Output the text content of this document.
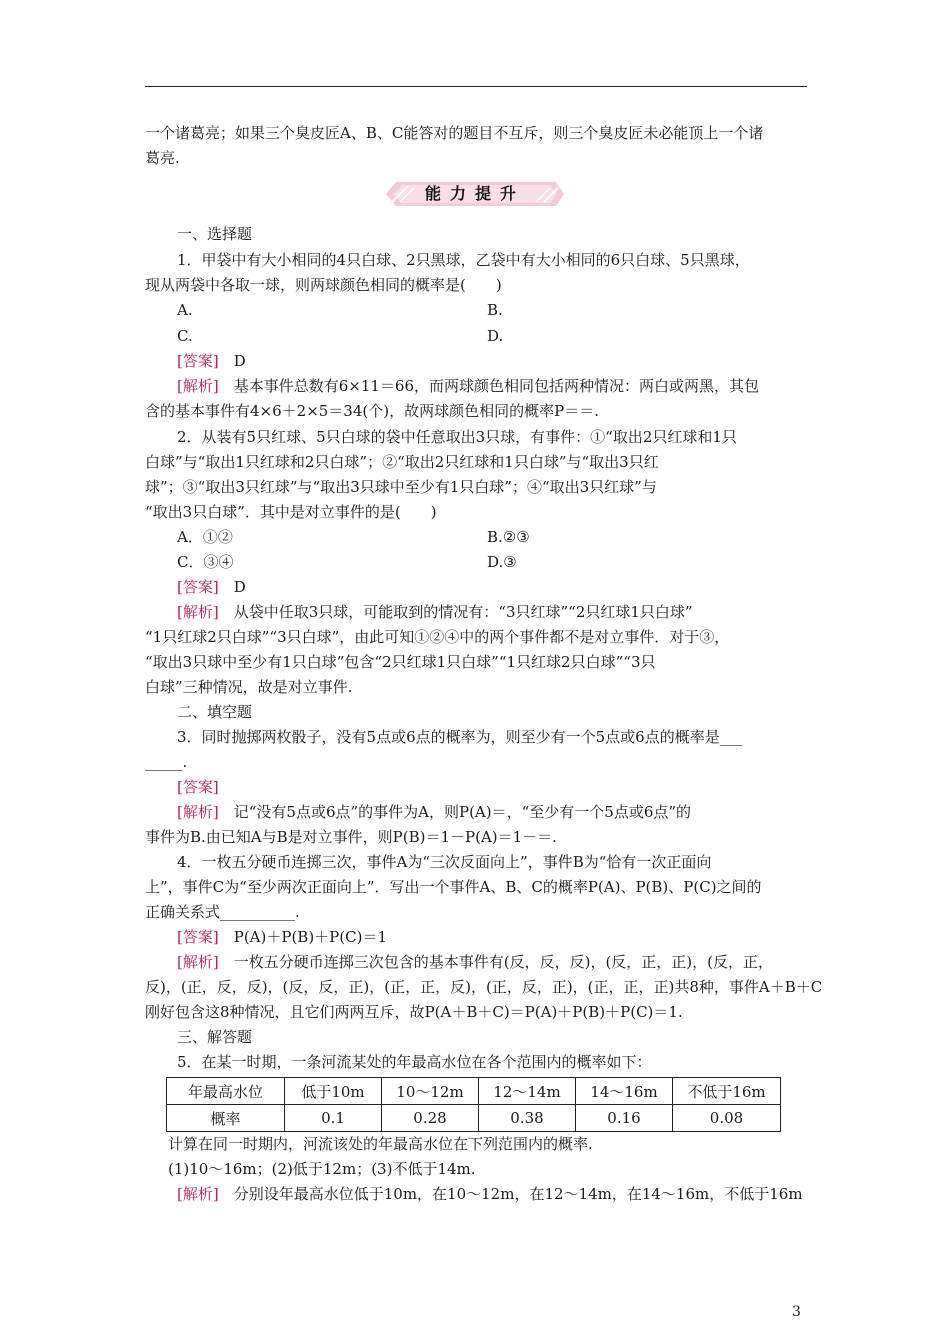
一个诸葛亮；如果三个臭皮匠A、B、C能答对的题目不互斥，则三个臭皮匠未必能顶上一个诸
葛亮.
能力提升
一、选择题
1．甲袋中有大小相同的4只白球、2只黑球，乙袋中有大小相同的6只白球、5只黑球，
现从两袋中各取一球，则两球颜色相同的概率是(　　)
A.	B.
C.	D.
[答案]　 D
[解析]　 基本事件总数有6×11＝66，而两球颜色相同包括两种情况：两白或两黑，其包
含的基本事件有4×6＋2×5＝34(个)，故两球颜色相同的概率P＝＝.
2．从装有5只红球、5只白球的袋中任意取出3只球，有事件：①“取出2只红球和1只
白球”与“取出1只红球和2只白球”；②“取出2只红球和1只白球”与“取出3只红
球”；③“取出3只红球”与“取出3只球中至少有1只白球”；④“取出3只红球”与
“取出3只白球”．其中是对立事件的是(　　)
A．①②	B.②③
C．③④	D.③
[答案]　 D
[解析]　 从袋中任取3只球，可能取到的情况有：“3只红球”“2只红球1只白球”
“1只红球2只白球”“3只白球”，由此可知①②④中的两个事件都不是对立事件．对于③，
“取出3只球中至少有1只白球”包含“2只红球1只白球”“1只红球2只白球”“3只
白球”三种情况，故是对立事件.
二、填空题
3．同时抛掷两枚骰子，没有5点或6点的概率为，则至少有一个5点或6点的概率是___
_____.
[答案]
[解析]　 记“没有5点或6点”的事件为A，则P(A)＝，“至少有一个5点或6点”的
事件为B.由已知A与B是对立事件，则P(B)＝1－P(A)＝1－＝.
4．一枚五分硬币连掷三次，事件A为“三次反面向上”，事件B为“恰有一次正面向
上”，事件C为“至少两次正面向上”．写出一个事件A、B、C的概率P(A)、P(B)、P(C)之间的
正确关系式__________.
[答案]　 P(A)＋P(B)＋P(C)＝1
[解析]　 一枚五分硬币连掷三次包含的基本事件有(反，反，反)，(反，正，正)，(反，正，
反)，(正，反，反)，(反，反，正)，(正，正，反)，(正，反，正)，(正，正，正)共8种，事件A＋B＋C
刚好包含这8种情况，且它们两两互斥，故P(A＋B＋C)＝P(A)＋P(B)＋P(C)＝1.
三、解答题
5．在某一时期，一条河流某处的年最高水位在各个范围内的概率如下：
年最高水位	低于10m	10～12m	12～14m	14～16m	不低于16m
概率	0.1	0.28	0.38	0.16	0.08
计算在同一时期内，河流该处的年最高水位在下列范围内的概率.
(1)10～16m；(2)低于12m；(3)不低于14m.
[解析]　 分别设年最高水位低于10m，在10～12m，在12～14m，在14～16m，不低于16m
3
